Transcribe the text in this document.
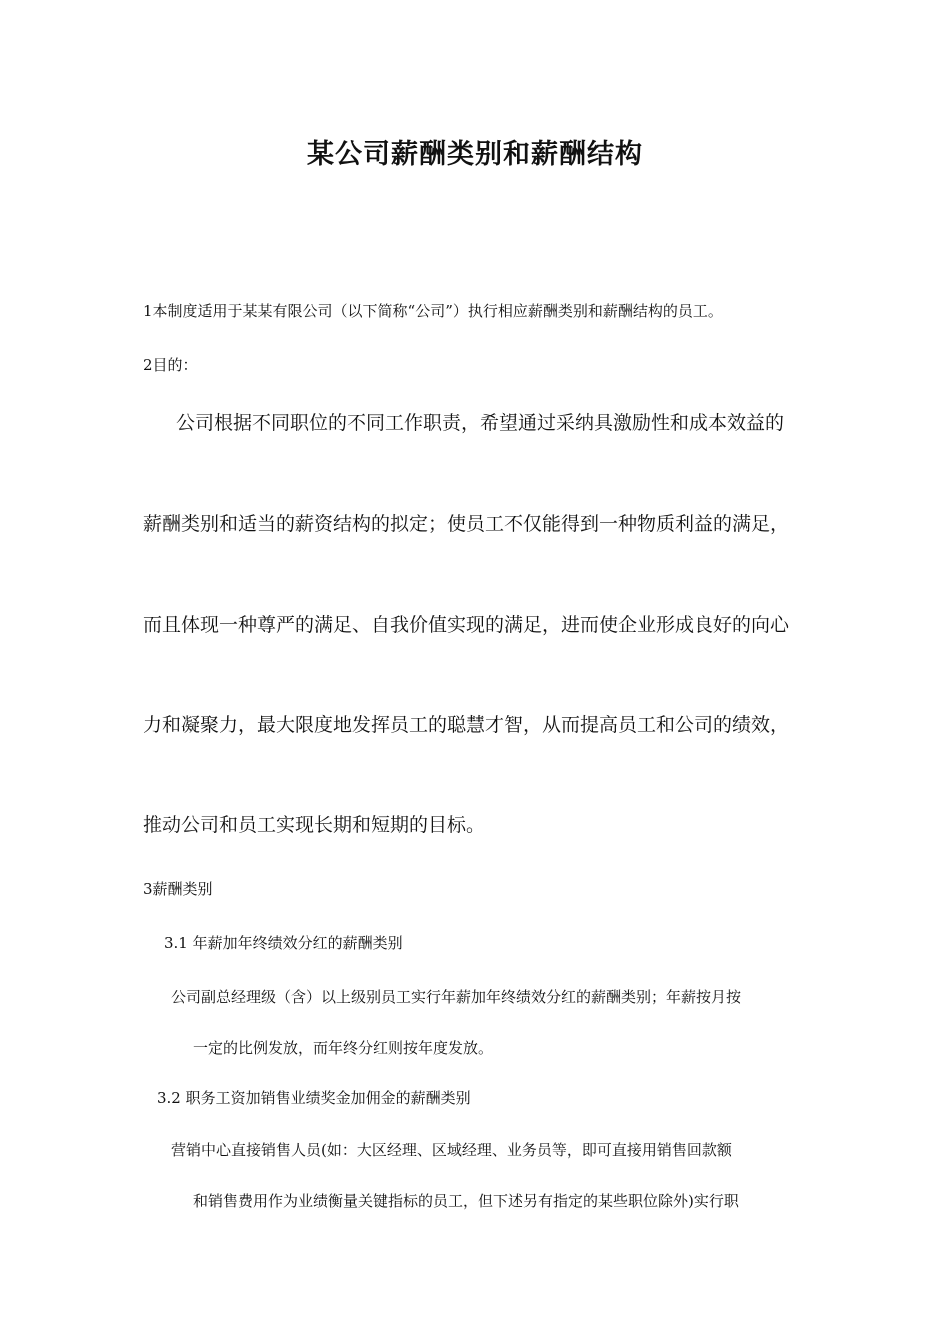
某公司薪酬类别和薪酬结构

1本制度适用于某某有限公司（以下简称“公司”）执行相应薪酬类别和薪酬结构的员工。

2目的：

公司根据不同职位的不同工作职责，希望通过采纳具激励性和成本效益的

薪酬类别和适当的薪资结构的拟定；使员工不仅能得到一种物质利益的满足，

而且体现一种尊严的满足、自我价值实现的满足，进而使企业形成良好的向心

力和凝聚力，最大限度地发挥员工的聪慧才智，从而提高员工和公司的绩效，

推动公司和员工实现长期和短期的目标。

3薪酬类别

3.1 年薪加年终绩效分红的薪酬类别

公司副总经理级（含）以上级别员工实行年薪加年终绩效分红的薪酬类别；年薪按月按

一定的比例发放，而年终分红则按年度发放。

3.2 职务工资加销售业绩奖金加佣金的薪酬类别

营销中心直接销售人员(如：大区经理、区域经理、业务员等，即可直接用销售回款额

和销售费用作为业绩衡量关键指标的员工，但下述另有指定的某些职位除外)实行职
